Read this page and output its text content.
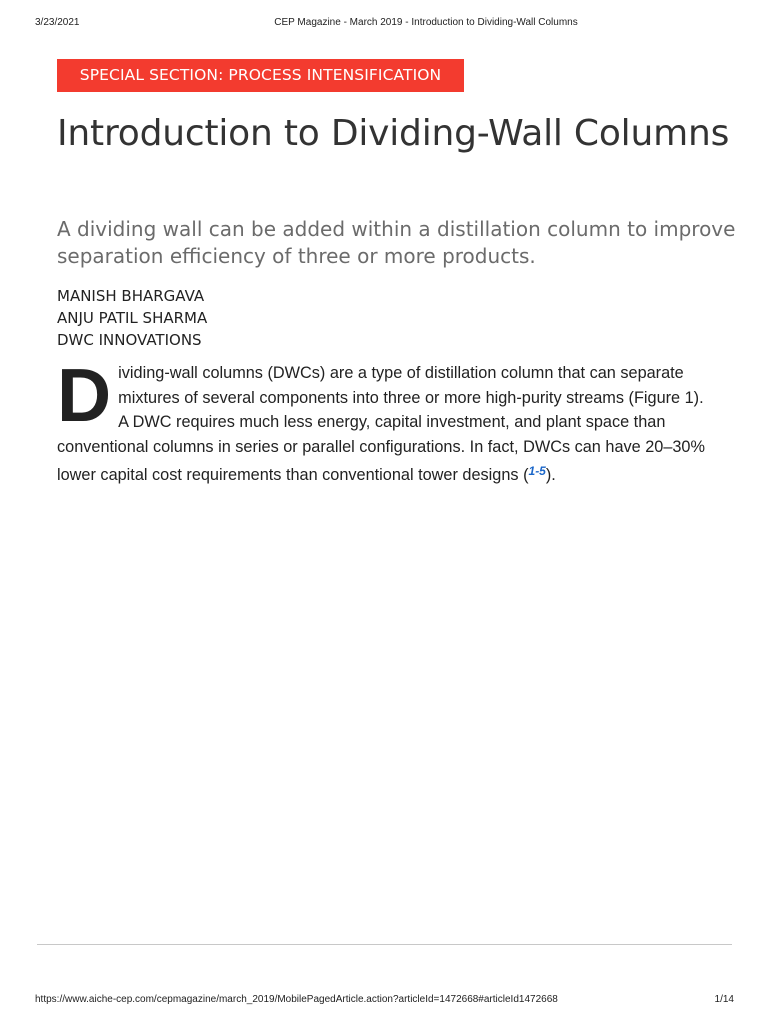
3/23/2021	CEP Magazine - March 2019 - Introduction to Dividing-Wall Columns
SPECIAL SECTION: PROCESS INTENSIFICATION
Introduction to Dividing-Wall Columns

A dividing wall can be added within a distillation column to improve separation efficiency of three or more products.

MANISH BHARGAVA
ANJU PATIL SHARMA
DWC INNOVATIONS

Dividing-wall columns (DWCs) are a type of distillation column that can separate mixtures of several components into three or more high-purity streams (Figure 1). A DWC requires much less energy, capital investment, and plant space than conventional columns in series or parallel configurations. In fact, DWCs can have 20–30% lower capital cost requirements than conventional tower designs ($^{1-5}$).

https://www.aiche-cep.com/cepmagazine/march_2019/MobilePagedArticle.action?articleId=1472668#articleId1472668	1/14
